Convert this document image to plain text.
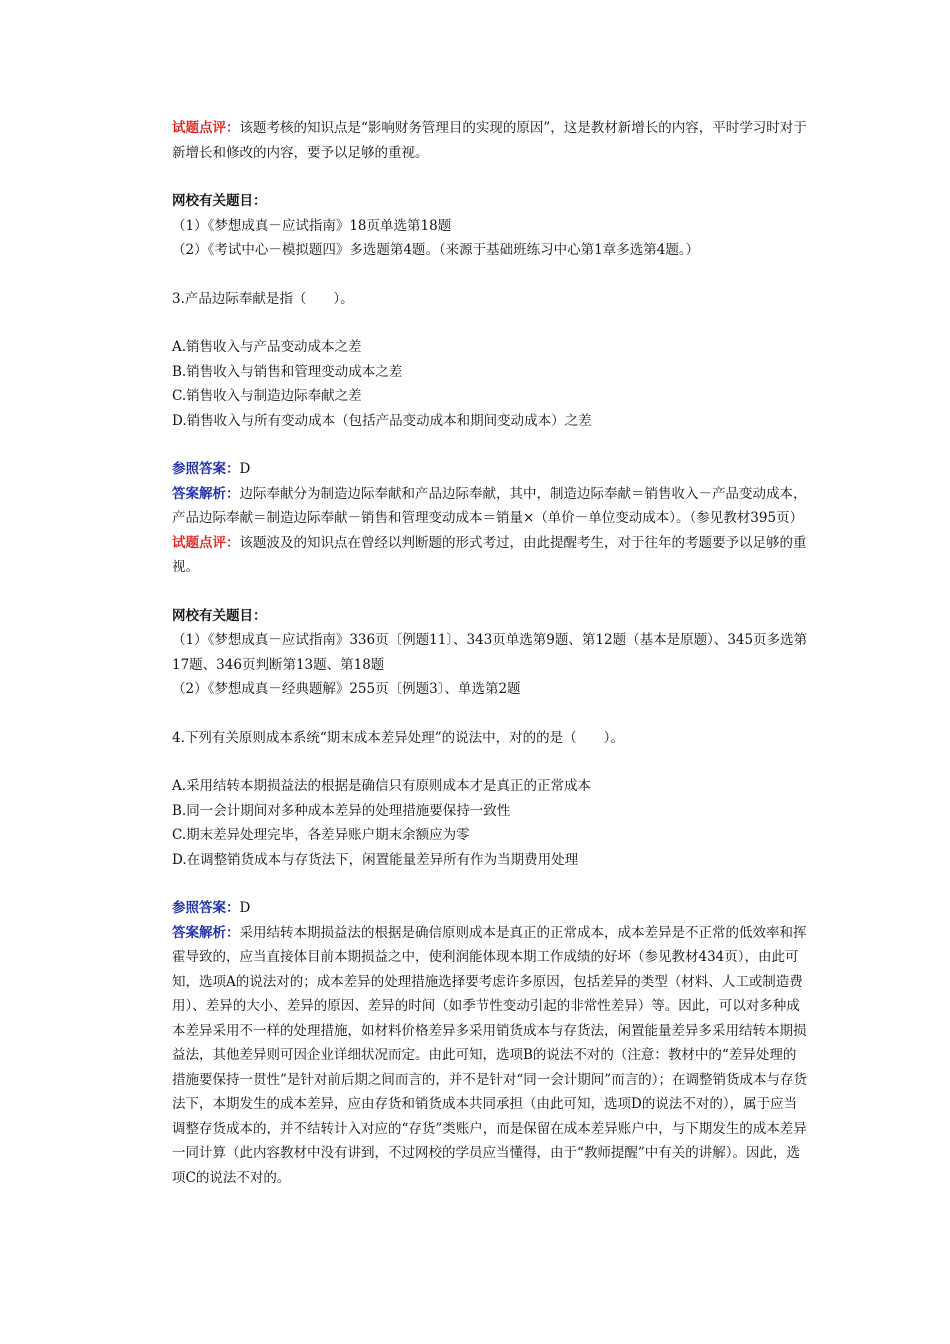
试题点评：该题考核的知识点是“影响财务管理目的实现的原因”，这是教材新增长的内容，平时学习时对于新增长和修改的内容，要予以足够的重视。

网校有关题目：

（1）《梦想成真－应试指南》18页单选第18题

（2）《考试中心－模拟题四》多选题第4题。（来源于基础班练习中心第1章多选第4题。）

3.产品边际奉献是指（　　）。

A.销售收入与产品变动成本之差

B.销售收入与销售和管理变动成本之差

C.销售收入与制造边际奉献之差

D.销售收入与所有变动成本（包括产品变动成本和期间变动成本）之差

参照答案：D

答案解析：边际奉献分为制造边际奉献和产品边际奉献，其中，制造边际奉献＝销售收入－产品变动成本，产品边际奉献＝制造边际奉献－销售和管理变动成本＝销量×（单价－单位变动成本）。（参见教材395页）

试题点评：该题波及的知识点在曾经以判断题的形式考过，由此提醒考生，对于往年的考题要予以足够的重视。

网校有关题目：

（1）《梦想成真－应试指南》336页〔例题11〕、343页单选第9题、第12题（基本是原题）、345页多选第17题、346页判断第13题、第18题

（2）《梦想成真－经典题解》255页〔例题3〕、单选第2题

4.下列有关原则成本系统“期末成本差异处理”的说法中，对的的是（　　）。

A.采用结转本期损益法的根据是确信只有原则成本才是真正的正常成本

B.同一会计期间对多种成本差异的处理措施要保持一致性

C.期末差异处理完毕，各差异账户期末余额应为零

D.在调整销货成本与存货法下，闲置能量差异所有作为当期费用处理

参照答案：D

答案解析：采用结转本期损益法的根据是确信原则成本是真正的正常成本，成本差异是不正常的低效率和挥霍导致的，应当直接体目前本期损益之中，使利润能体现本期工作成绩的好坏（参见教材434页），由此可知，选项A的说法对的；成本差异的处理措施选择要考虑许多原因，包括差异的类型（材料、人工或制造费用）、差异的大小、差异的原因、差异的时间（如季节性变动引起的非常性差异）等。因此，可以对多种成本差异采用不一样的处理措施，如材料价格差异多采用销货成本与存货法，闲置能量差异多采用结转本期损益法，其他差异则可因企业详细状况而定。由此可知，选项B的说法不对的（注意：教材中的“差异处理的措施要保持一贯性”是针对前后期之间而言的，并不是针对“同一会计期间”而言的）；在调整销货成本与存货法下，本期发生的成本差异，应由存货和销货成本共同承担（由此可知，选项D的说法不对的），属于应当调整存货成本的，并不结转计入对应的“存货”类账户，而是保留在成本差异账户中，与下期发生的成本差异一同计算（此内容教材中没有讲到，不过网校的学员应当懂得，由于“教师提醒”中有关的讲解）。因此，选项C的说法不对的。
